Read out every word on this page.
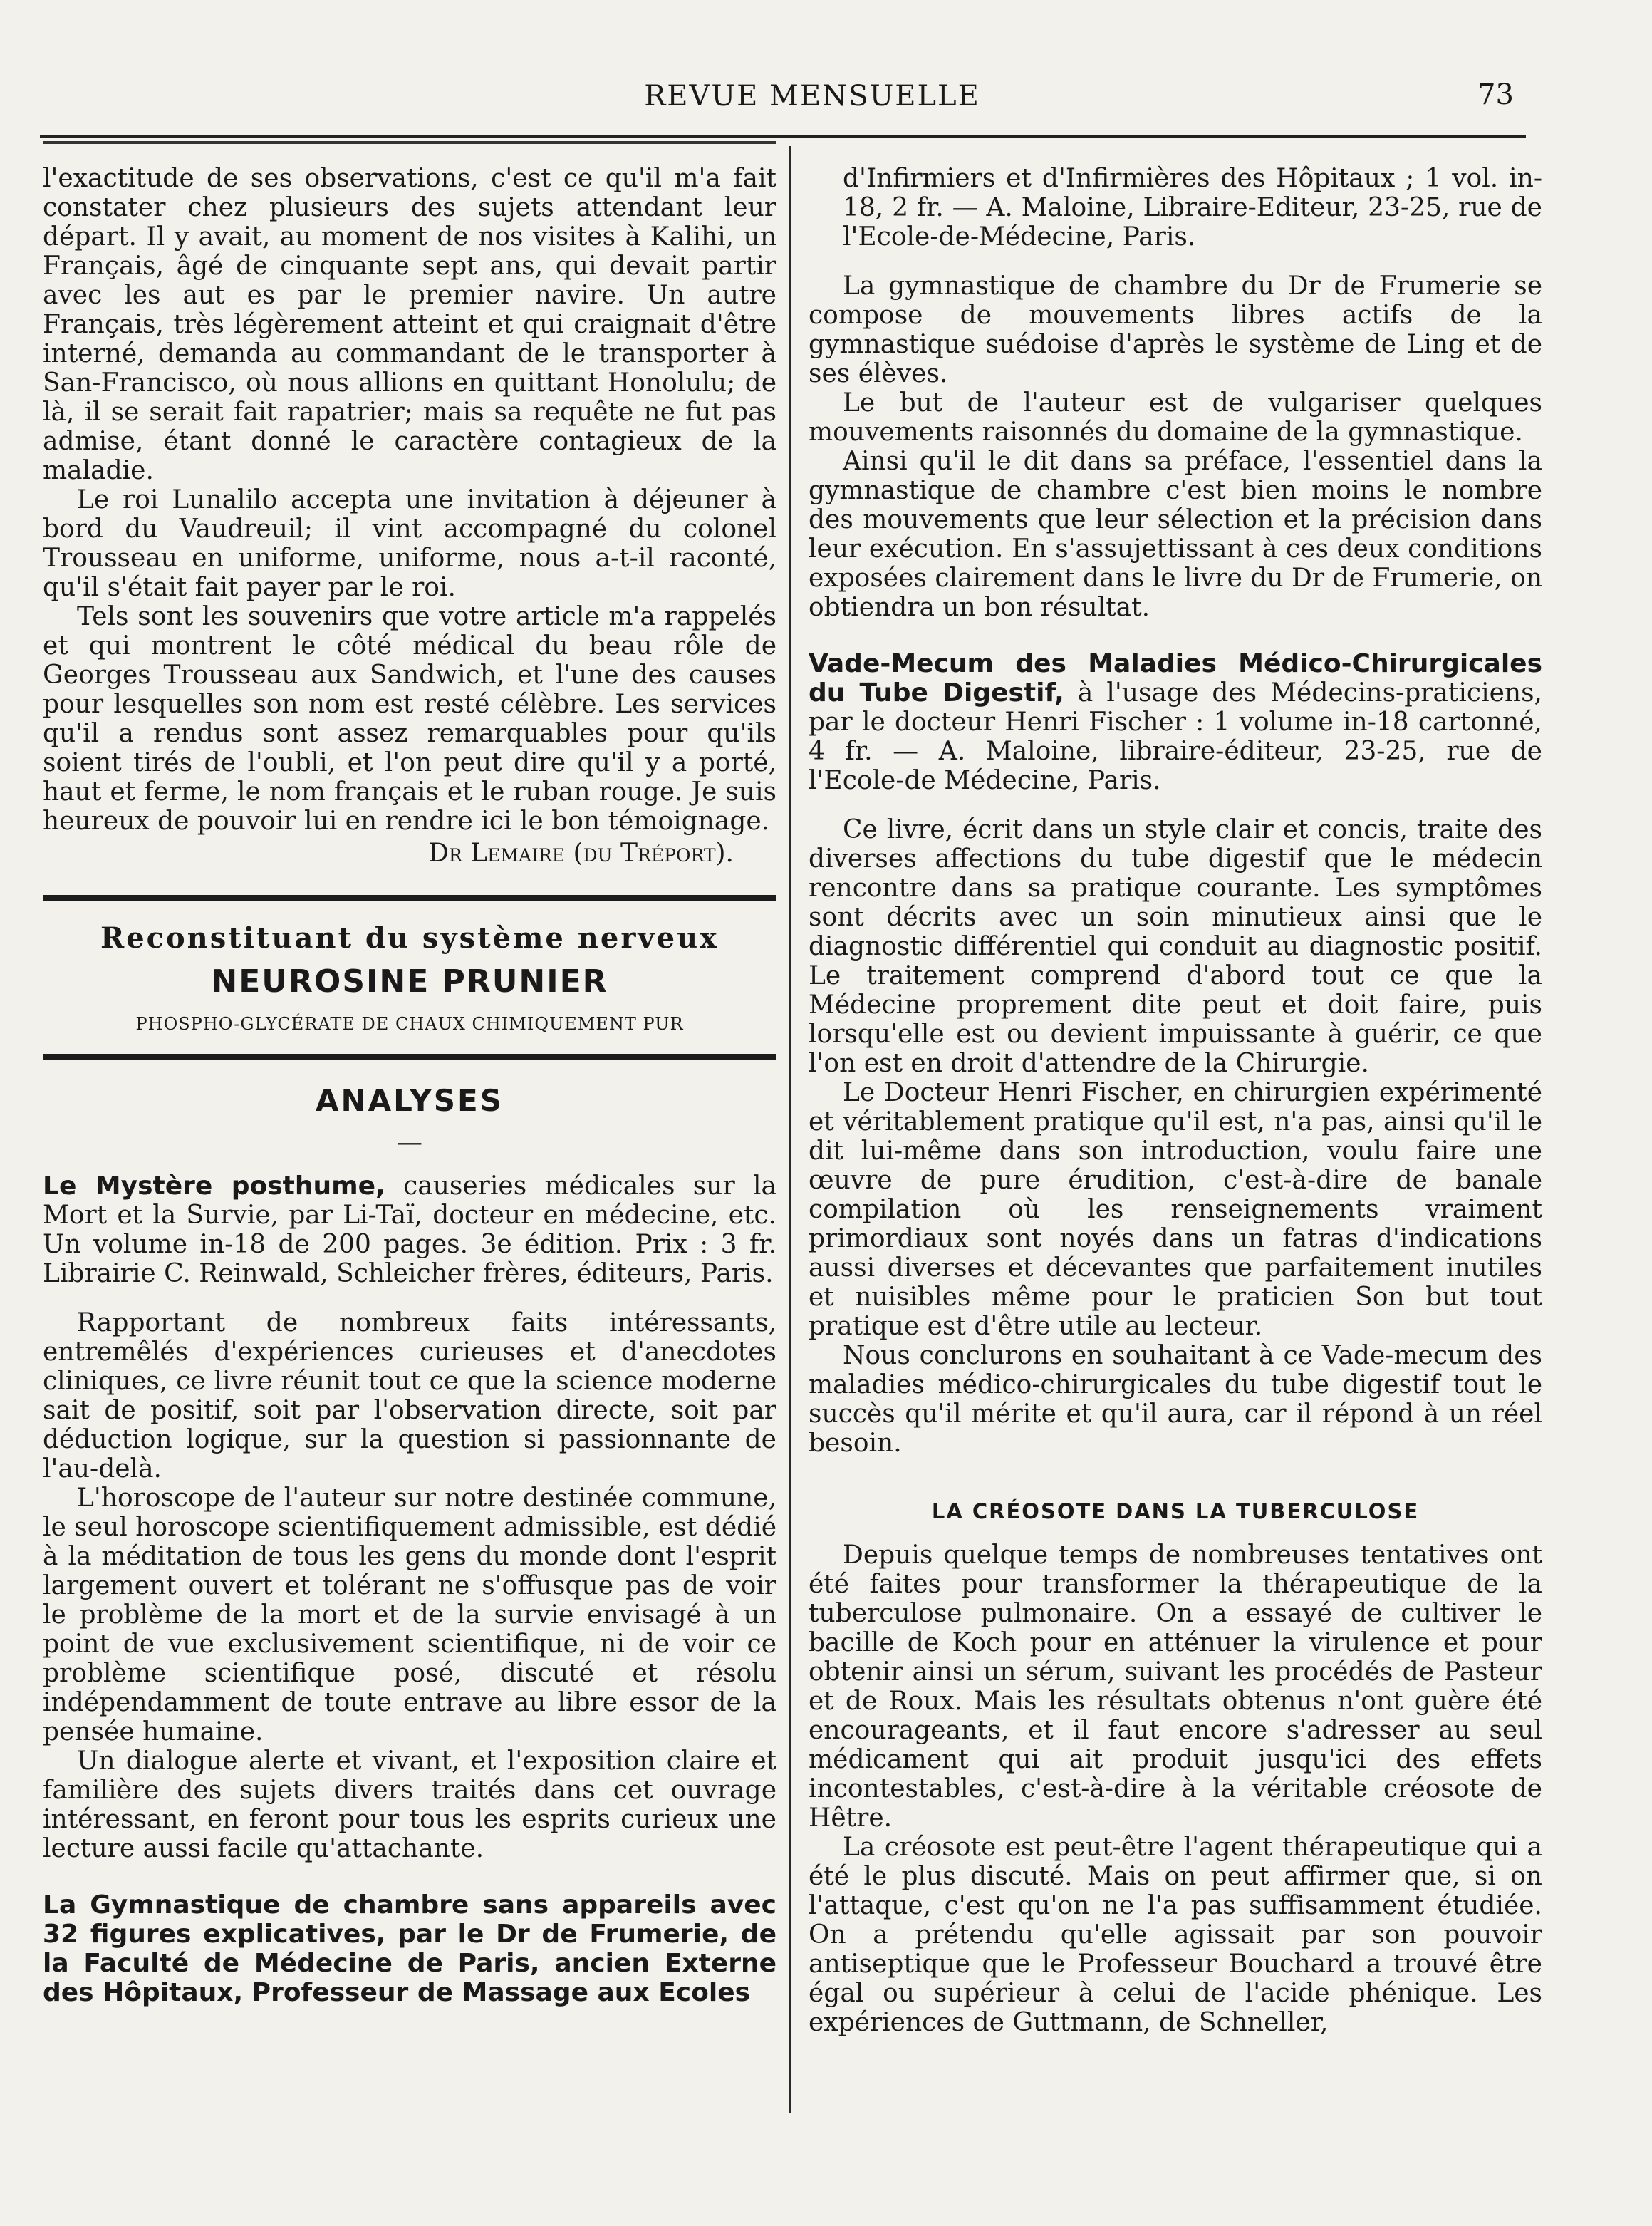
REVUE MENSUELLE	73

l'exactitude de ses observations, c'est ce qu'il m'a fait constater chez plusieurs des sujets attendant leur départ. Il y avait, au moment de nos visites à Kalihi, un Français, âgé de cinquante sept ans, qui devait partir avec les aut es par le premier navire. Un autre Français, très légèrement atteint et qui craignait d'être interné, demanda au commandant de le transporter à San-Francisco, où nous allions en quittant Honolulu; de là, il se serait fait rapatrier; mais sa requête ne fut pas admise, étant donné le caractère contagieux de la maladie.

Le roi Lunalilo accepta une invitation à déjeuner à bord du Vaudreuil; il vint accompagné du colonel Trousseau en uniforme, uniforme, nous a-t-il raconté, qu'il s'était fait payer par le roi.

Tels sont les souvenirs que votre article m'a rappelés et qui montrent le côté médical du beau rôle de Georges Trousseau aux Sandwich, et l'une des causes pour lesquelles son nom est resté célèbre. Les services qu'il a rendus sont assez remarquables pour qu'ils soient tirés de l'oubli, et l'on peut dire qu'il y a porté, haut et ferme, le nom français et le ruban rouge. Je suis heureux de pouvoir lui en rendre ici le bon témoignage.

Dr Lemaire (du Tréport).
Reconstituant du système nerveux
NEUROSINE PRUNIER
PHOSPHO-GLYCÉRATE DE CHAUX CHIMIQUEMENT PUR
ANALYSES
—
Le Mystère posthume, causeries médicales sur la Mort et la Survie, par Li-Taï, docteur en médecine, etc. Un volume in-18 de 200 pages. 3e édition. Prix : 3 fr. Librairie C. Reinwald, Schleicher frères, éditeurs, Paris.

Rapportant de nombreux faits intéressants, entremêlés d'expériences curieuses et d'anecdotes cliniques, ce livre réunit tout ce que la science moderne sait de positif, soit par l'observation directe, soit par déduction logique, sur la question si passionnante de l'au-delà.

L'horoscope de l'auteur sur notre destinée commune, le seul horoscope scientifiquement admissible, est dédié à la méditation de tous les gens du monde dont l'esprit largement ouvert et tolérant ne s'offusque pas de voir le problème de la mort et de la survie envisagé à un point de vue exclusivement scientifique, ni de voir ce problème scientifique posé, discuté et résolu indépendamment de toute entrave au libre essor de la pensée humaine.

Un dialogue alerte et vivant, et l'exposition claire et familière des sujets divers traités dans cet ouvrage intéressant, en feront pour tous les esprits curieux une lecture aussi facile qu'attachante.

La Gymnastique de chambre sans appareils avec 32 figures explicatives, par le Dr de Frumerie, de la Faculté de Médecine de Paris, ancien Externe des Hôpitaux, Professeur de Massage aux Ecoles
d'Infirmiers et d'Infirmières des Hôpitaux ; 1 vol. in-18, 2 fr. — A. Maloine, Libraire-Editeur, 23-25, rue de l'Ecole-de-Médecine, Paris.

La gymnastique de chambre du Dr de Frumerie se compose de mouvements libres actifs de la gymnastique suédoise d'après le système de Ling et de ses élèves.

Le but de l'auteur est de vulgariser quelques mouvements raisonnés du domaine de la gymnastique.

Ainsi qu'il le dit dans sa préface, l'essentiel dans la gymnastique de chambre c'est bien moins le nombre des mouvements que leur sélection et la précision dans leur exécution. En s'assujettissant à ces deux conditions exposées clairement dans le livre du Dr de Frumerie, on obtiendra un bon résultat.

Vade-Mecum des Maladies Médico-Chirurgicales du Tube Digestif, à l'usage des Médecins-praticiens, par le docteur Henri Fischer : 1 volume in-18 cartonné, 4 fr. — A. Maloine, libraire-éditeur, 23-25, rue de l'Ecole-de Médecine, Paris.

Ce livre, écrit dans un style clair et concis, traite des diverses affections du tube digestif que le médecin rencontre dans sa pratique courante. Les symptômes sont décrits avec un soin minutieux ainsi que le diagnostic différentiel qui conduit au diagnostic positif. Le traitement comprend d'abord tout ce que la Médecine proprement dite peut et doit faire, puis lorsqu'elle est ou devient impuissante à guérir, ce que l'on est en droit d'attendre de la Chirurgie.

Le Docteur Henri Fischer, en chirurgien expérimenté et véritablement pratique qu'il est, n'a pas, ainsi qu'il le dit lui-même dans son introduction, voulu faire une œuvre de pure érudition, c'est-à-dire de banale compilation où les renseignements vraiment primordiaux sont noyés dans un fatras d'indications aussi diverses et décevantes que parfaitement inutiles et nuisibles même pour le praticien Son but tout pratique est d'être utile au lecteur.

Nous conclurons en souhaitant à ce Vade-mecum des maladies médico-chirurgicales du tube digestif tout le succès qu'il mérite et qu'il aura, car il répond à un réel besoin.

LA CRÉOSOTE DANS LA TUBERCULOSE

Depuis quelque temps de nombreuses tentatives ont été faites pour transformer la thérapeutique de la tuberculose pulmonaire. On a essayé de cultiver le bacille de Koch pour en atténuer la virulence et pour obtenir ainsi un sérum, suivant les procédés de Pasteur et de Roux. Mais les résultats obtenus n'ont guère été encourageants, et il faut encore s'adresser au seul médicament qui ait produit jusqu'ici des effets incontestables, c'est-à-dire à la véritable créosote de Hêtre.

La créosote est peut-être l'agent thérapeutique qui a été le plus discuté. Mais on peut affirmer que, si on l'attaque, c'est qu'on ne l'a pas suffisamment étudiée. On a prétendu qu'elle agissait par son pouvoir antiseptique que le Professeur Bouchard a trouvé être égal ou supérieur à celui de l'acide phénique. Les expériences de Guttmann, de Schneller,
